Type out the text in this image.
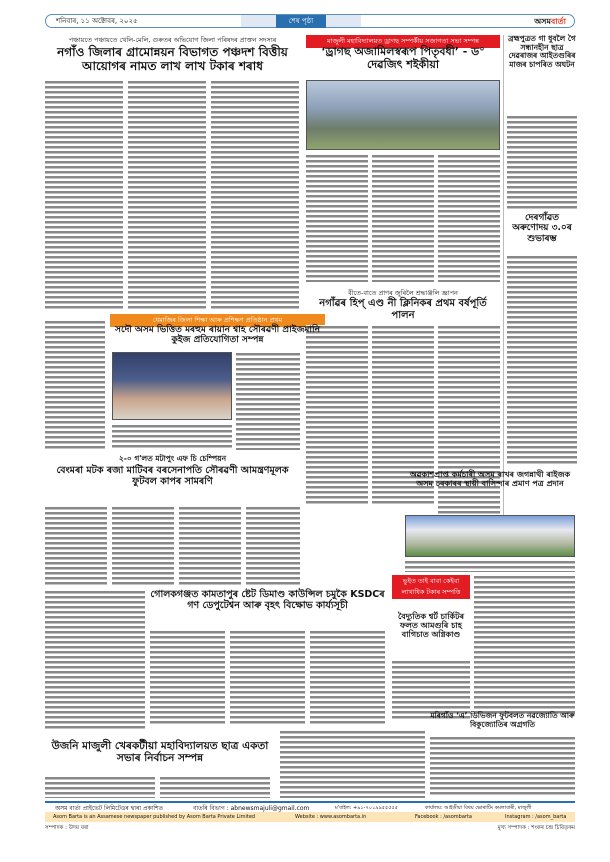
শনিবাৰ, ১১ অক্টোবৰ, ২০২৫	শেষ পৃষ্ঠা	অসমবাৰ্তা
পঞ্চায়তে পঞ্চায়তে খেলি-মেলি, গুৰুতৰ অভিযোগ জিলা পৰিষদৰ প্ৰাক্তন সদস্যৰ
নগাঁও জিলাৰ গ্ৰামোন্নয়ন বিভাগত পঞ্চদশ বিত্তীয় আয়োগৰ নামত লাখ লাখ টকাৰ শৰাধ
ধেমাজিৰ জিলা শিক্ষা আৰু প্ৰশিক্ষণ প্ৰতিষ্ঠান প্ৰথম
মাজুলী মহাবিদ্যালয়ত ড্ৰাগছ সম্পৰ্কীয় সজাগতা সভা সম্পন্ন
‘ড্ৰাগছ অজামিলস্বৰূপ পিতৃবধী’ - ড° দেৱজিৎ শইকীয়া
ব্ৰহ্মপুত্ৰত গা ধুবলৈ গৈ সন্ধানহীন ছাত্ৰ দেৱৰাজৰ আইতগুৰিৰ মাজৰ চাপৰিত অঘটন
দেৰগাঁৱত অৰুণোদয় ৩.০ৰ শুভাৰম্ভ
বীতে-বাতে প্ৰাণৰ জুৰিলৈ শ্ৰদ্ধাঞ্জলি জ্ঞাপন
নগাঁৱৰ হিপ্ এণ্ড নী ক্লিনিকৰ প্ৰথম বৰ্ষপূৰ্তি পালন
সদৌ অসম ভিত্তিত মৰহুম ৰায়ান শ্বাহ সৌৰৱণী প্ৰাইজমানি কুইজ প্ৰতিযোগিতা সম্পন্ন
২-০ গ'লত মটাপুং এফ চি চেম্পিয়ন
বেংমৰা মটক ৰজা মাটিবৰ বৰসেনাপতি সৌৰৱণী আমন্ত্ৰণমূলক ফুটবল কাপৰ সামৰণি
অৱকাশপ্ৰাপ্ত কৰ্মচাৰী অসম ৰাখৰ জগন্নাথী ৰাইজক অসম চৰকাৰৰ স্থায়ী বাসিন্দাৰ প্ৰমাণ পত্ৰ প্ৰদান
গোলকগঞ্জত কামতাপুৰ ষ্টেট ডিমাণ্ড কাউন্সিল চমুকৈ KSDCৰ গণ ডেপুটেশ্বন আৰু বৃহৎ বিক্ষোভ কাৰ্য্যসূচী
ভুইত তাই বাবা কেইবা লাখাধিক টকাৰ সম্পত্তি
বৈদ্যুতিক শ্বৰ্ট চাৰ্কিটৰ ফলত আমগুৰি চাহ বাগিচাত অগ্নিকাণ্ড
মৰিগাঁও ‘এ’ ডিভিজন ফুটবলত নৱজ্যোতি আৰু বিকুজ্যোতিৰ অগ্ৰগতি
উজনি মাজুলী খেৰকটীয়া মহাবিদ্যালয়ত ছাত্ৰ একতা সভাৰ নিৰ্বাচন সম্পন্ন
অসম বাৰ্তা প্ৰাইভেট লিমিটেডৰ দ্বাৰা প্ৰকাশিত	বাতৰি বিভাগ : abnewsmajuli@gmail.com	ম'বাইল: +৯১-৭০১৯৯৫৫৫৫৫	কাৰ্যালয়: আইডীয়া বিষয় ভোৰাটিং কমলাবাৰী, মাজুলী
Asom Barta is an Assamese newspaper published by Asom Barta Private Limited	Website : www.asombarta.in	Facebook : /asombarta	Instagram : /asom_barta
সম্পাদক : উদয় বৰা	মুখ্য সম্পাদক : শংকৰ চন্দ্ৰ চিবিতৃকম
